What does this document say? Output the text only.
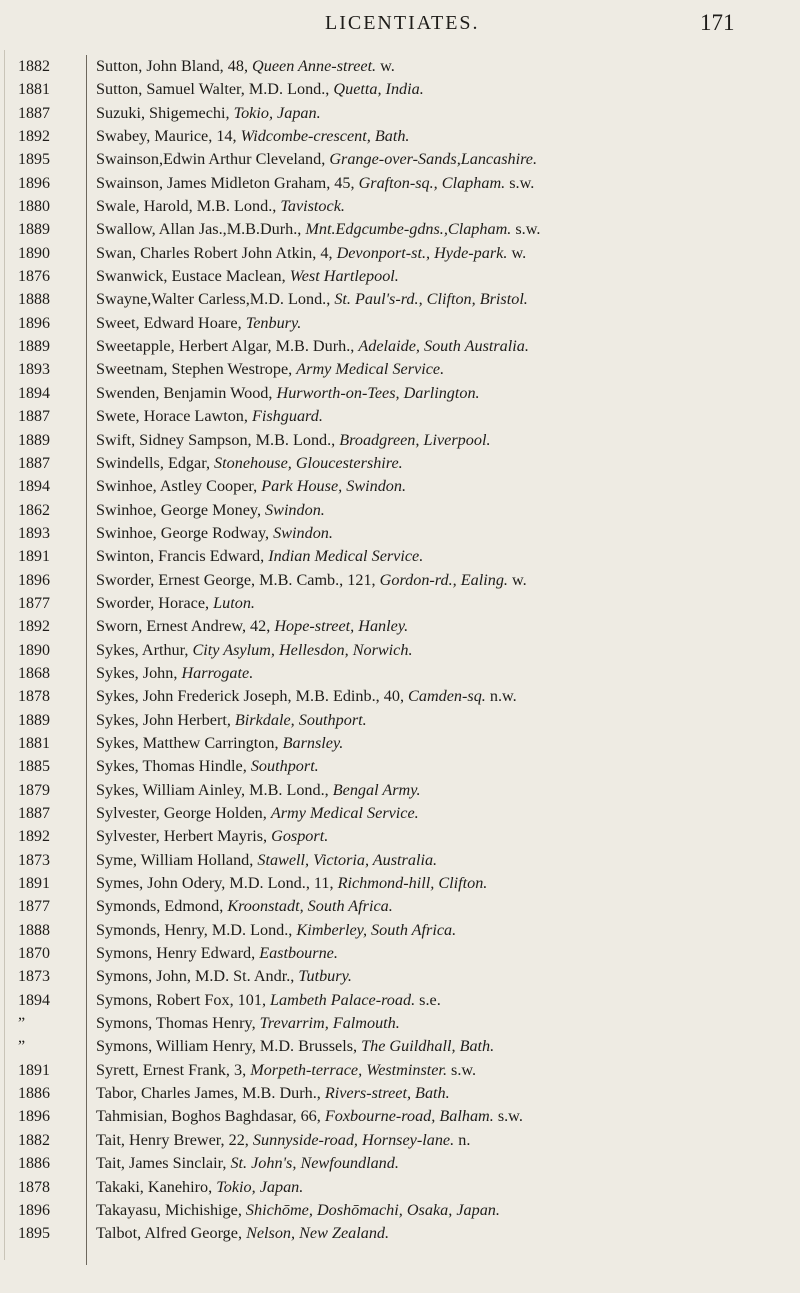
LICENTIATES.	171
1882
1881
1887
1892
1895
1896
1880
1889
1890
1876
1888
1896
1889
1893
1894
1887
1889
1887
1894
1862
1893
1891
1896
1877
1892
1890
1868
1878
1889
1881
1885
1879
1887
1892
1873
1891
1877
1888
1870
1873
1894
”
”
1891
1886
1896
1882
1886
1878
1896
1895
Sutton, John Bland, 48, Queen Anne-street. w.
Sutton, Samuel Walter, M.D. Lond., Quetta, India.
Suzuki, Shigemechi, Tokio, Japan.
Swabey, Maurice, 14, Widcombe-crescent, Bath.
Swainson,Edwin Arthur Cleveland, Grange-over-Sands,Lancashire.
Swainson, James Midleton Graham, 45, Grafton-sq., Clapham. s.w.
Swale, Harold, M.B. Lond., Tavistock.
Swallow, Allan Jas.,M.B.Durh., Mnt.Edgcumbe-gdns.,Clapham. s.w.
Swan, Charles Robert John Atkin, 4, Devonport-st., Hyde-park. w.
Swanwick, Eustace Maclean, West Hartlepool.
Swayne,Walter Carless,M.D. Lond., St. Paul's-rd., Clifton, Bristol.
Sweet, Edward Hoare, Tenbury.
Sweetapple, Herbert Algar, M.B. Durh., Adelaide, South Australia.
Sweetnam, Stephen Westrope, Army Medical Service.
Swenden, Benjamin Wood, Hurworth-on-Tees, Darlington.
Swete, Horace Lawton, Fishguard.
Swift, Sidney Sampson, M.B. Lond., Broadgreen, Liverpool.
Swindells, Edgar, Stonehouse, Gloucestershire.
Swinhoe, Astley Cooper, Park House, Swindon.
Swinhoe, George Money, Swindon.
Swinhoe, George Rodway, Swindon.
Swinton, Francis Edward, Indian Medical Service.
Sworder, Ernest George, M.B. Camb., 121, Gordon-rd., Ealing. w.
Sworder, Horace, Luton.
Sworn, Ernest Andrew, 42, Hope-street, Hanley.
Sykes, Arthur, City Asylum, Hellesdon, Norwich.
Sykes, John, Harrogate.
Sykes, John Frederick Joseph, M.B. Edinb., 40, Camden-sq. n.w.
Sykes, John Herbert, Birkdale, Southport.
Sykes, Matthew Carrington, Barnsley.
Sykes, Thomas Hindle, Southport.
Sykes, William Ainley, M.B. Lond., Bengal Army.
Sylvester, George Holden, Army Medical Service.
Sylvester, Herbert Mayris, Gosport.
Syme, William Holland, Stawell, Victoria, Australia.
Symes, John Odery, M.D. Lond., 11, Richmond-hill, Clifton.
Symonds, Edmond, Kroonstadt, South Africa.
Symonds, Henry, M.D. Lond., Kimberley, South Africa.
Symons, Henry Edward, Eastbourne.
Symons, John, M.D. St. Andr., Tutbury.
Symons, Robert Fox, 101, Lambeth Palace-road. s.e.
Symons, Thomas Henry, Trevarrim, Falmouth.
Symons, William Henry, M.D. Brussels, The Guildhall, Bath.
Syrett, Ernest Frank, 3, Morpeth-terrace, Westminster. s.w.
Tabor, Charles James, M.B. Durh., Rivers-street, Bath.
Tahmisian, Boghos Baghdasar, 66, Foxbourne-road, Balham. s.w.
Tait, Henry Brewer, 22, Sunnyside-road, Hornsey-lane. n.
Tait, James Sinclair, St. John's, Newfoundland.
Takaki, Kanehiro, Tokio, Japan.
Takayasu, Michishige, Shichōme, Doshōmachi, Osaka, Japan.
Talbot, Alfred George, Nelson, New Zealand.
